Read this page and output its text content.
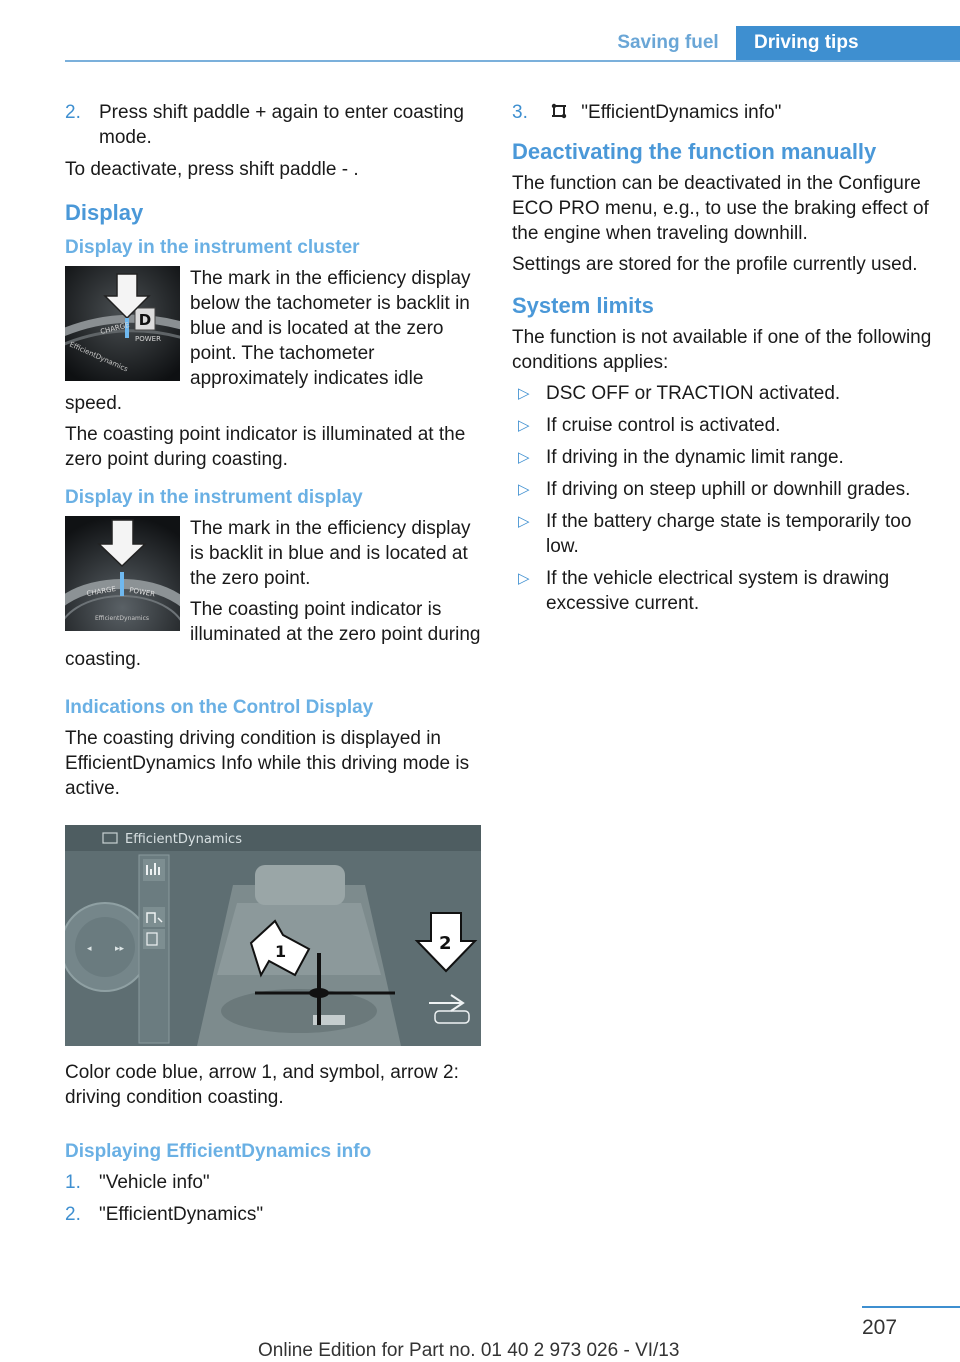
Saving fuel	Driving tips
2. Press shift paddle + again to enter coasting mode.

To deactivate, press shift paddle - .

Display
Display in the instrument cluster
D
CHARGE
POWER
EfficientDynamics

The mark in the efficiency display below the tachometer is backlit in blue and is located at the zero point. The tachometer approximately indicates idle speed.

The coasting point indicator is illuminated at the zero point during coasting.

Display in the instrument display
CHARGE POWER
EfficientDynamics

The mark in the efficiency display is backlit in blue and is located at the zero point.

The coasting point indicator is illuminated at the zero point during coasting.

Indications on the Control Display

The coasting driving condition is displayed in EfficientDynamics Info while this driving mode is active.

EfficientDynamics
◂	▸▸	1	2

Color code blue, arrow 1, and symbol, arrow 2: driving condition coasting.

Displaying EfficientDynamics info
1. "Vehicle info"
2. "EfficientDynamics"
3.	"EfficientDynamics info"
Deactivating the function manually

The function can be deactivated in the Configure ECO PRO menu, e.g., to use the braking effect of the engine when traveling downhill.

Settings are stored for the profile currently used.

System limits

The function is not available if one of the following conditions applies:

▷ DSC OFF or TRACTION activated.
▷ If cruise control is activated.
▷ If driving in the dynamic limit range.
▷ If driving on steep uphill or downhill grades.
▷ If the battery charge state is temporarily too low.
▷ If the vehicle electrical system is drawing excessive current.
207
Online Edition for Part no. 01 40 2 973 026 - VI/13
